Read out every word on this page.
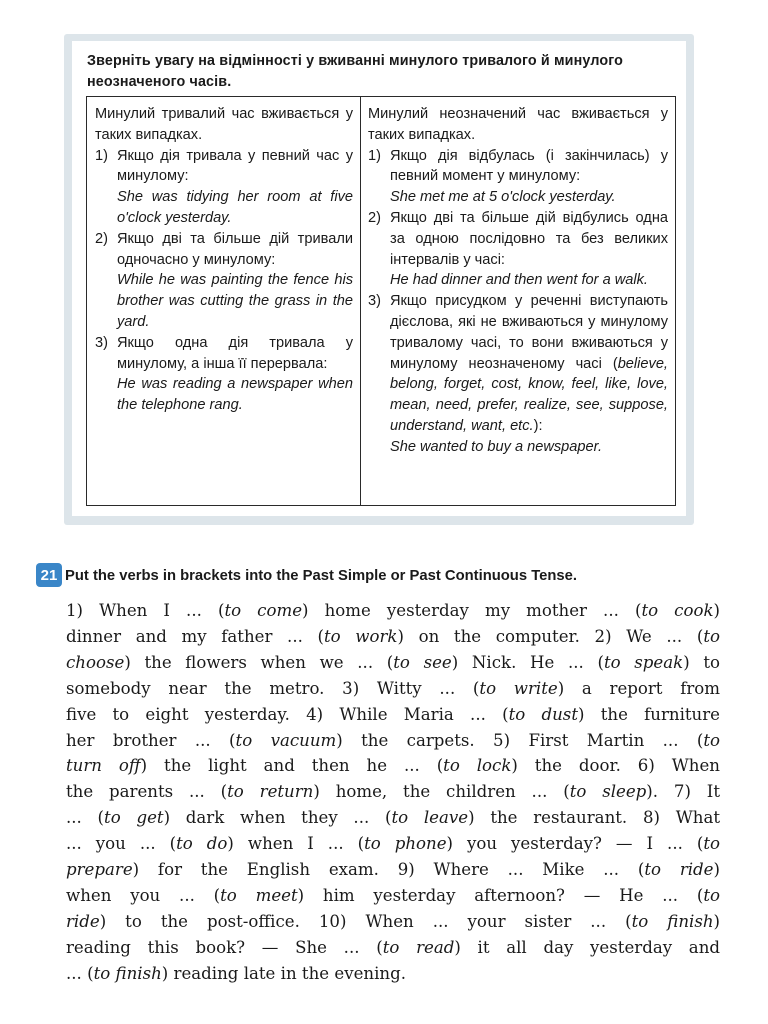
Зверніть увагу на відмінності у вживанні минулого тривалого й минулого неозначеного часів.

Минулий тривалий час вживається у таких випадках.

1) Якщо дія тривала у певний час у минулому:
She was tidying her room at five o'clock yesterday.
2) Якщо дві та більше дій тривали одночасно у минулому:
While he was painting the fence his brother was cutting the grass in the yard.
3) Якщо одна дія тривала у минулому, а інша її перервала:
He was reading a newspaper when the telephone rang.

Минулий неозначений час вживається у таких випадках.

1) Якщо дія відбулась (і закінчилась) у певний момент у минулому:
She met me at 5 o'clock yesterday.
2) Якщо дві та більше дій відбулись одна за одною послідовно та без великих інтервалів у часі:
He had dinner and then went for a walk.
3) Якщо присудком у реченні виступають дієслова, які не вживаються у минулому тривалому часі, то вони вживаються у минулому неозначеному часі (believe, belong, forget, cost, know, feel, like, love, mean, need, prefer, realize, see, suppose, understand, want, etc.):
She wanted to buy a newspaper.
21 Put the verbs in brackets into the Past Simple or Past Continuous Tense.
1) When I ... (to come) home yesterday my mother ... (to cook)
dinner and my father ... (to work) on the computer. 2) We ... (to
choose) the flowers when we ... (to see) Nick. He ... (to speak) to
somebody near the metro. 3) Witty ... (to write) a report from
five to eight yesterday. 4) While Maria ... (to dust) the furniture
her brother ... (to vacuum) the carpets. 5) First Martin ... (to
turn off) the light and then he ... (to lock) the door. 6) When
the parents ... (to return) home, the children ... (to sleep). 7) It
... (to get) dark when they ... (to leave) the restaurant. 8) What
... you ... (to do) when I ... (to phone) you yesterday? — I ... (to
prepare) for the English exam. 9) Where ... Mike ... (to ride)
when you ... (to meet) him yesterday afternoon? — He ... (to
ride) to the post-office. 10) When ... your sister ... (to finish)
reading this book? — She ... (to read) it all day yesterday and
... (to finish) reading late in the evening.
